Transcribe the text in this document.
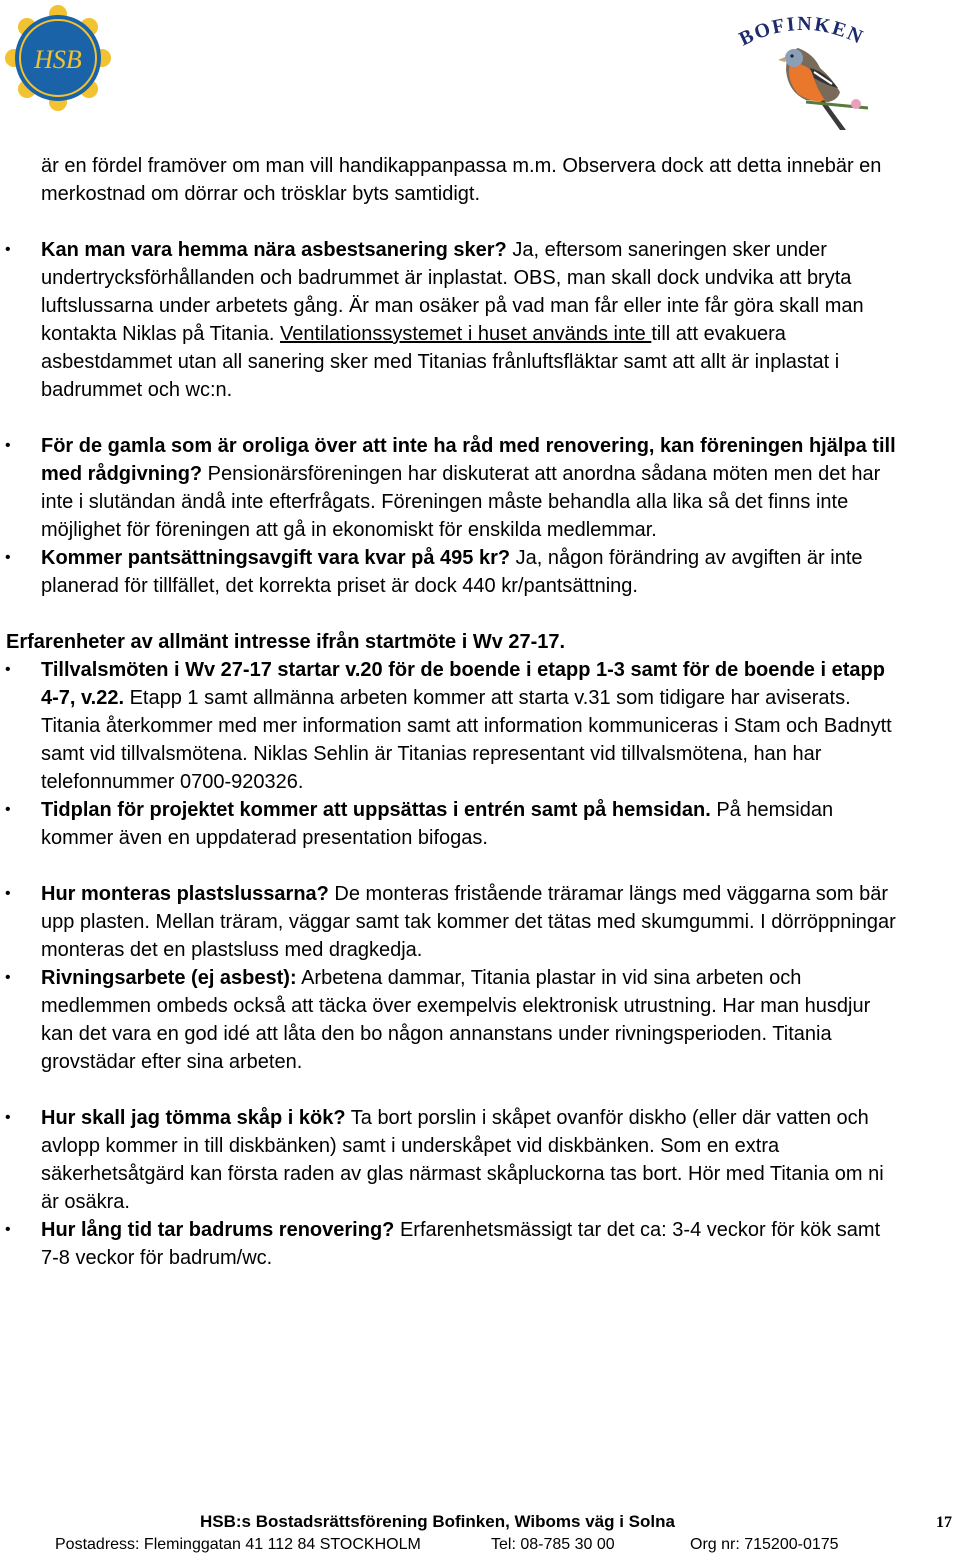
HSB
BOFINKEN

är en fördel framöver om man vill handikappanpassa m.m. Observera dock att detta innebär en merkostnad om dörrar och trösklar byts samtidigt.

• Kan man vara hemma nära asbestsanering sker? Ja, eftersom saneringen sker under undertrycksförhållanden och badrummet är inplastat. OBS, man skall dock undvika att bryta luftslussarna under arbetets gång. Är man osäker på vad man får eller inte får göra skall man kontakta Niklas på Titania. Ventilationssystemet i huset används inte till att evakuera asbestdammet utan all sanering sker med Titanias frånluftsfläktar samt att allt är inplastat i badrummet och wc:n.
• För de gamla som är oroliga över att inte ha råd med renovering, kan föreningen hjälpa till med rådgivning? Pensionärsföreningen har diskuterat att anordna sådana möten men det har inte i slutändan ändå inte efterfrågats. Föreningen måste behandla alla lika så det finns inte möjlighet för föreningen att gå in ekonomiskt för enskilda medlemmar.
• Kommer pantsättningsavgift vara kvar på 495 kr? Ja, någon förändring av avgiften är inte planerad för tillfället, det korrekta priset är dock 440 kr/pantsättning.

Erfarenheter av allmänt intresse ifrån startmöte i Wv 27-17.

• Tillvalsmöten i Wv 27-17 startar v.20 för de boende i etapp 1-3 samt för de boende i etapp 4-7, v.22. Etapp 1 samt allmänna arbeten kommer att starta v.31 som tidigare har aviserats. Titania återkommer med mer information samt att information kommuniceras i Stam och Badnytt samt vid tillvalsmötena. Niklas Sehlin är Titanias representant vid tillvalsmötena, han har telefonnummer 0700-920326.
• Tidplan för projektet kommer att uppsättas i entrén samt på hemsidan. På hemsidan kommer även en uppdaterad presentation bifogas.
• Hur monteras plastslussarna? De monteras fristående träramar längs med väggarna som bär upp plasten. Mellan träram, väggar samt tak kommer det tätas med skumgummi. I dörröppningar monteras det en plastsluss med dragkedja.
• Rivningsarbete (ej asbest): Arbetena dammar, Titania plastar in vid sina arbeten och medlemmen ombeds också att täcka över exempelvis elektronisk utrustning. Har man husdjur kan det vara en god idé att låta den bo någon annanstans under rivningsperioden. Titania grovstädar efter sina arbeten.
• Hur skall jag tömma skåp i kök? Ta bort porslin i skåpet ovanför diskho (eller där vatten och avlopp kommer in till diskbänken) samt i underskåpet vid diskbänken. Som en extra säkerhetsåtgärd kan första raden av glas närmast skåpluckorna tas bort. Hör med Titania om ni är osäkra.
• Hur lång tid tar badrums renovering? Erfarenhetsmässigt tar det ca: 3-4 veckor för kök samt 7-8 veckor för badrum/wc.
HSB:s Bostadsrättsförening Bofinken, Wiboms väg i Solna	17
Postadress: Fleminggatan 41 112 84 STOCKHOLM	Tel: 08-785 30 00	Org nr: 715200-0175
